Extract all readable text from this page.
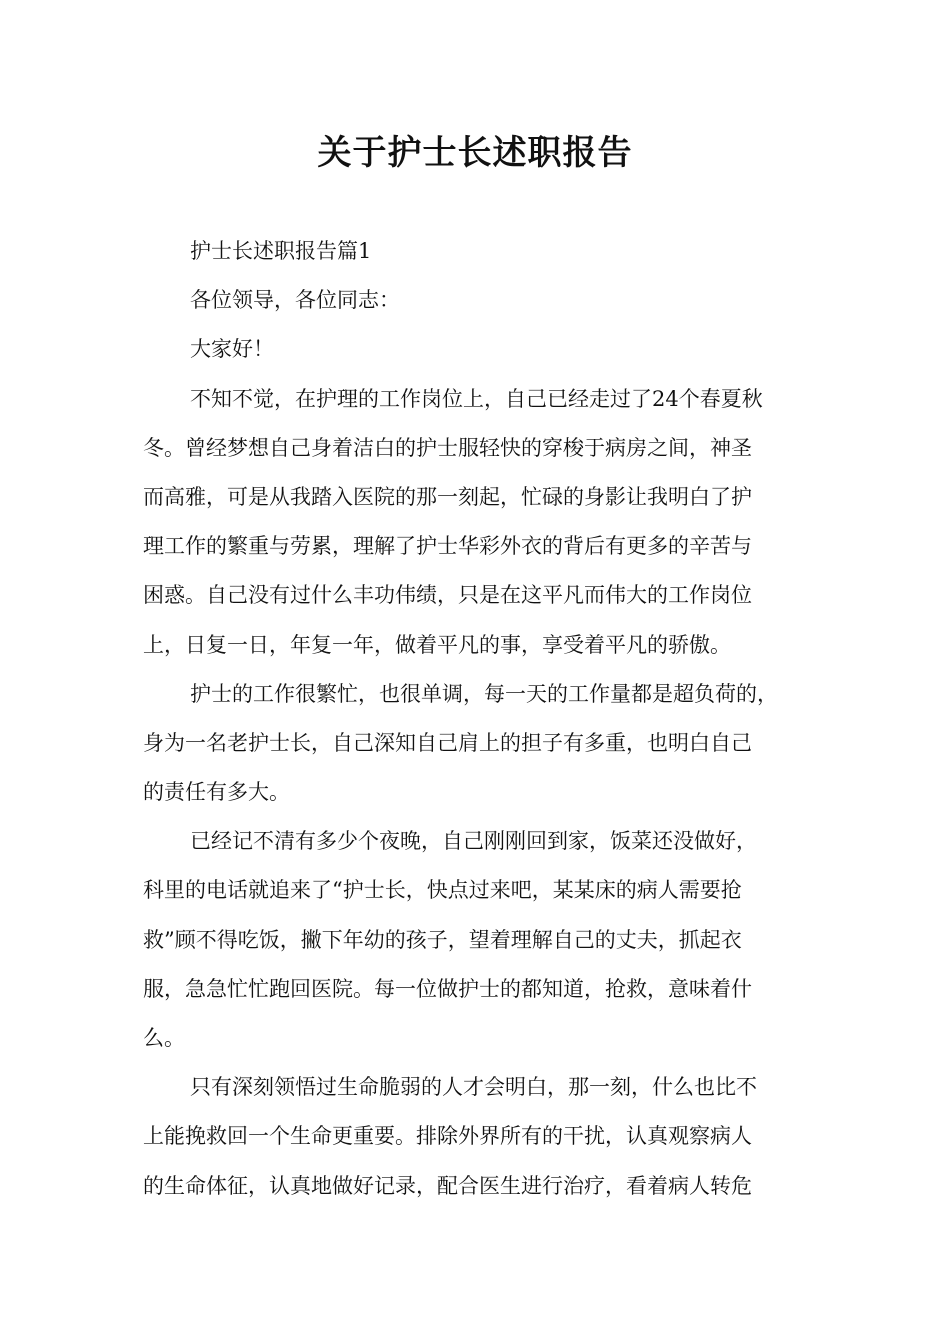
关于护士长述职报告
护士长述职报告篇1
各位领导，各位同志：
大家好！
不知不觉，在护理的工作岗位上，自己已经走过了24个春夏秋
冬。曾经梦想自己身着洁白的护士服轻快的穿梭于病房之间，神圣
而高雅，可是从我踏入医院的那一刻起，忙碌的身影让我明白了护
理工作的繁重与劳累，理解了护士华彩外衣的背后有更多的辛苦与
困惑。自己没有过什么丰功伟绩，只是在这平凡而伟大的工作岗位
上，日复一日，年复一年，做着平凡的事，享受着平凡的骄傲。
护士的工作很繁忙，也很单调，每一天的工作量都是超负荷的，
身为一名老护士长，自己深知自己肩上的担子有多重，也明白自己
的责任有多大。
已经记不清有多少个夜晚，自己刚刚回到家，饭菜还没做好，
科里的电话就追来了“护士长，快点过来吧，某某床的病人需要抢
救”顾不得吃饭，撇下年幼的孩子，望着理解自己的丈夫，抓起衣
服，急急忙忙跑回医院。每一位做护士的都知道，抢救，意味着什
么。
只有深刻领悟过生命脆弱的人才会明白，那一刻，什么也比不
上能挽救回一个生命更重要。排除外界所有的干扰，认真观察病人
的生命体征，认真地做好记录，配合医生进行治疗，看着病人转危
